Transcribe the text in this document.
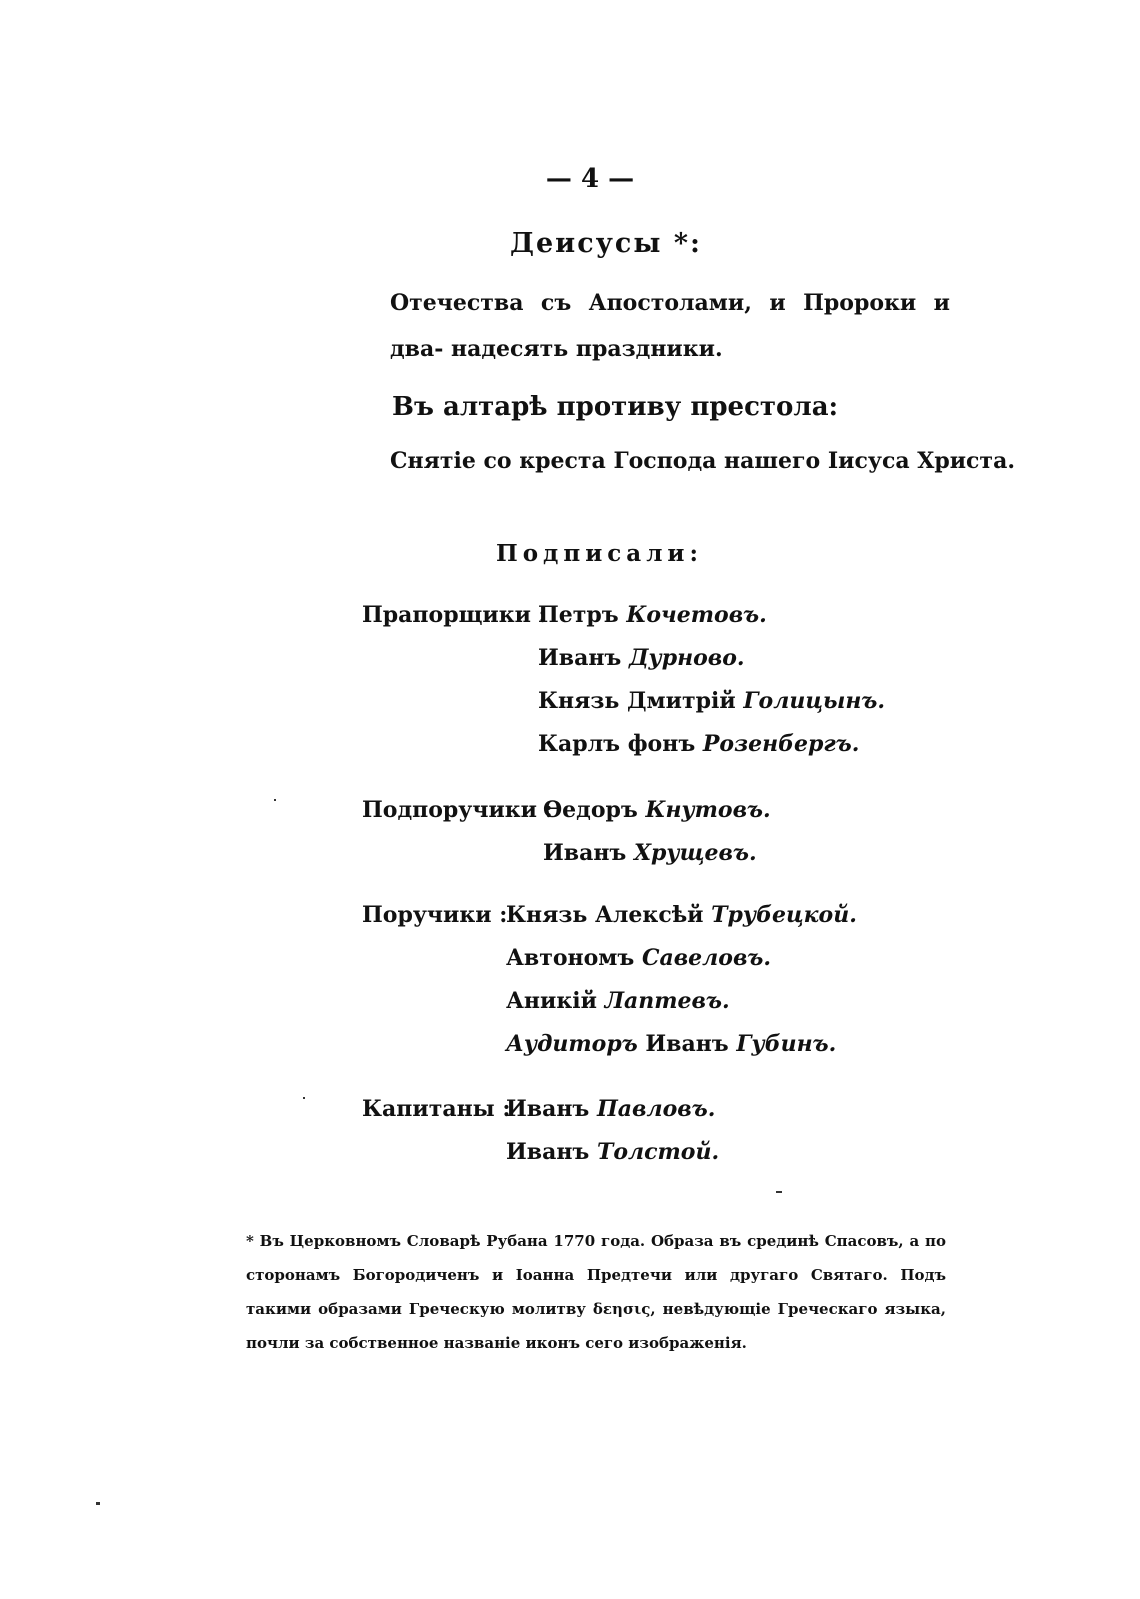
— 4 —
Деисусы *:
Отечества съ Апостолами, и Пророки и два- надесять праздники.
Въ алтарѣ противу престола:
Снятіе со креста Господа нашего Іисуса Христа.
Подписали:
Прапорщики :
Петръ Кочетовъ.
Иванъ Дурново.
Князь Дмитрій Голицынъ.
Карлъ фонъ Розенбергъ.
Подпоручики :
Ѳедоръ Кнутовъ.
Иванъ Хрущевъ.
Поручики :
Князь Алексѣй Трубецкой.
Автономъ Савеловъ.
Аникій Лаптевъ.
Аудиторъ Иванъ Губинъ.
Капитаны :
Иванъ Павловъ.
Иванъ Толстой.
* Въ Церковномъ Словарѣ Рубана 1770 года. Образа въ срединѣ Спасовъ, а по сторонамъ Богородиченъ и Іоанна Предтечи или другаго Святаго. Подъ такими образами Греческую молитву δεησις, невѣдующіе Греческаго языка, почли за собственное названіе иконъ сего изображенія.
